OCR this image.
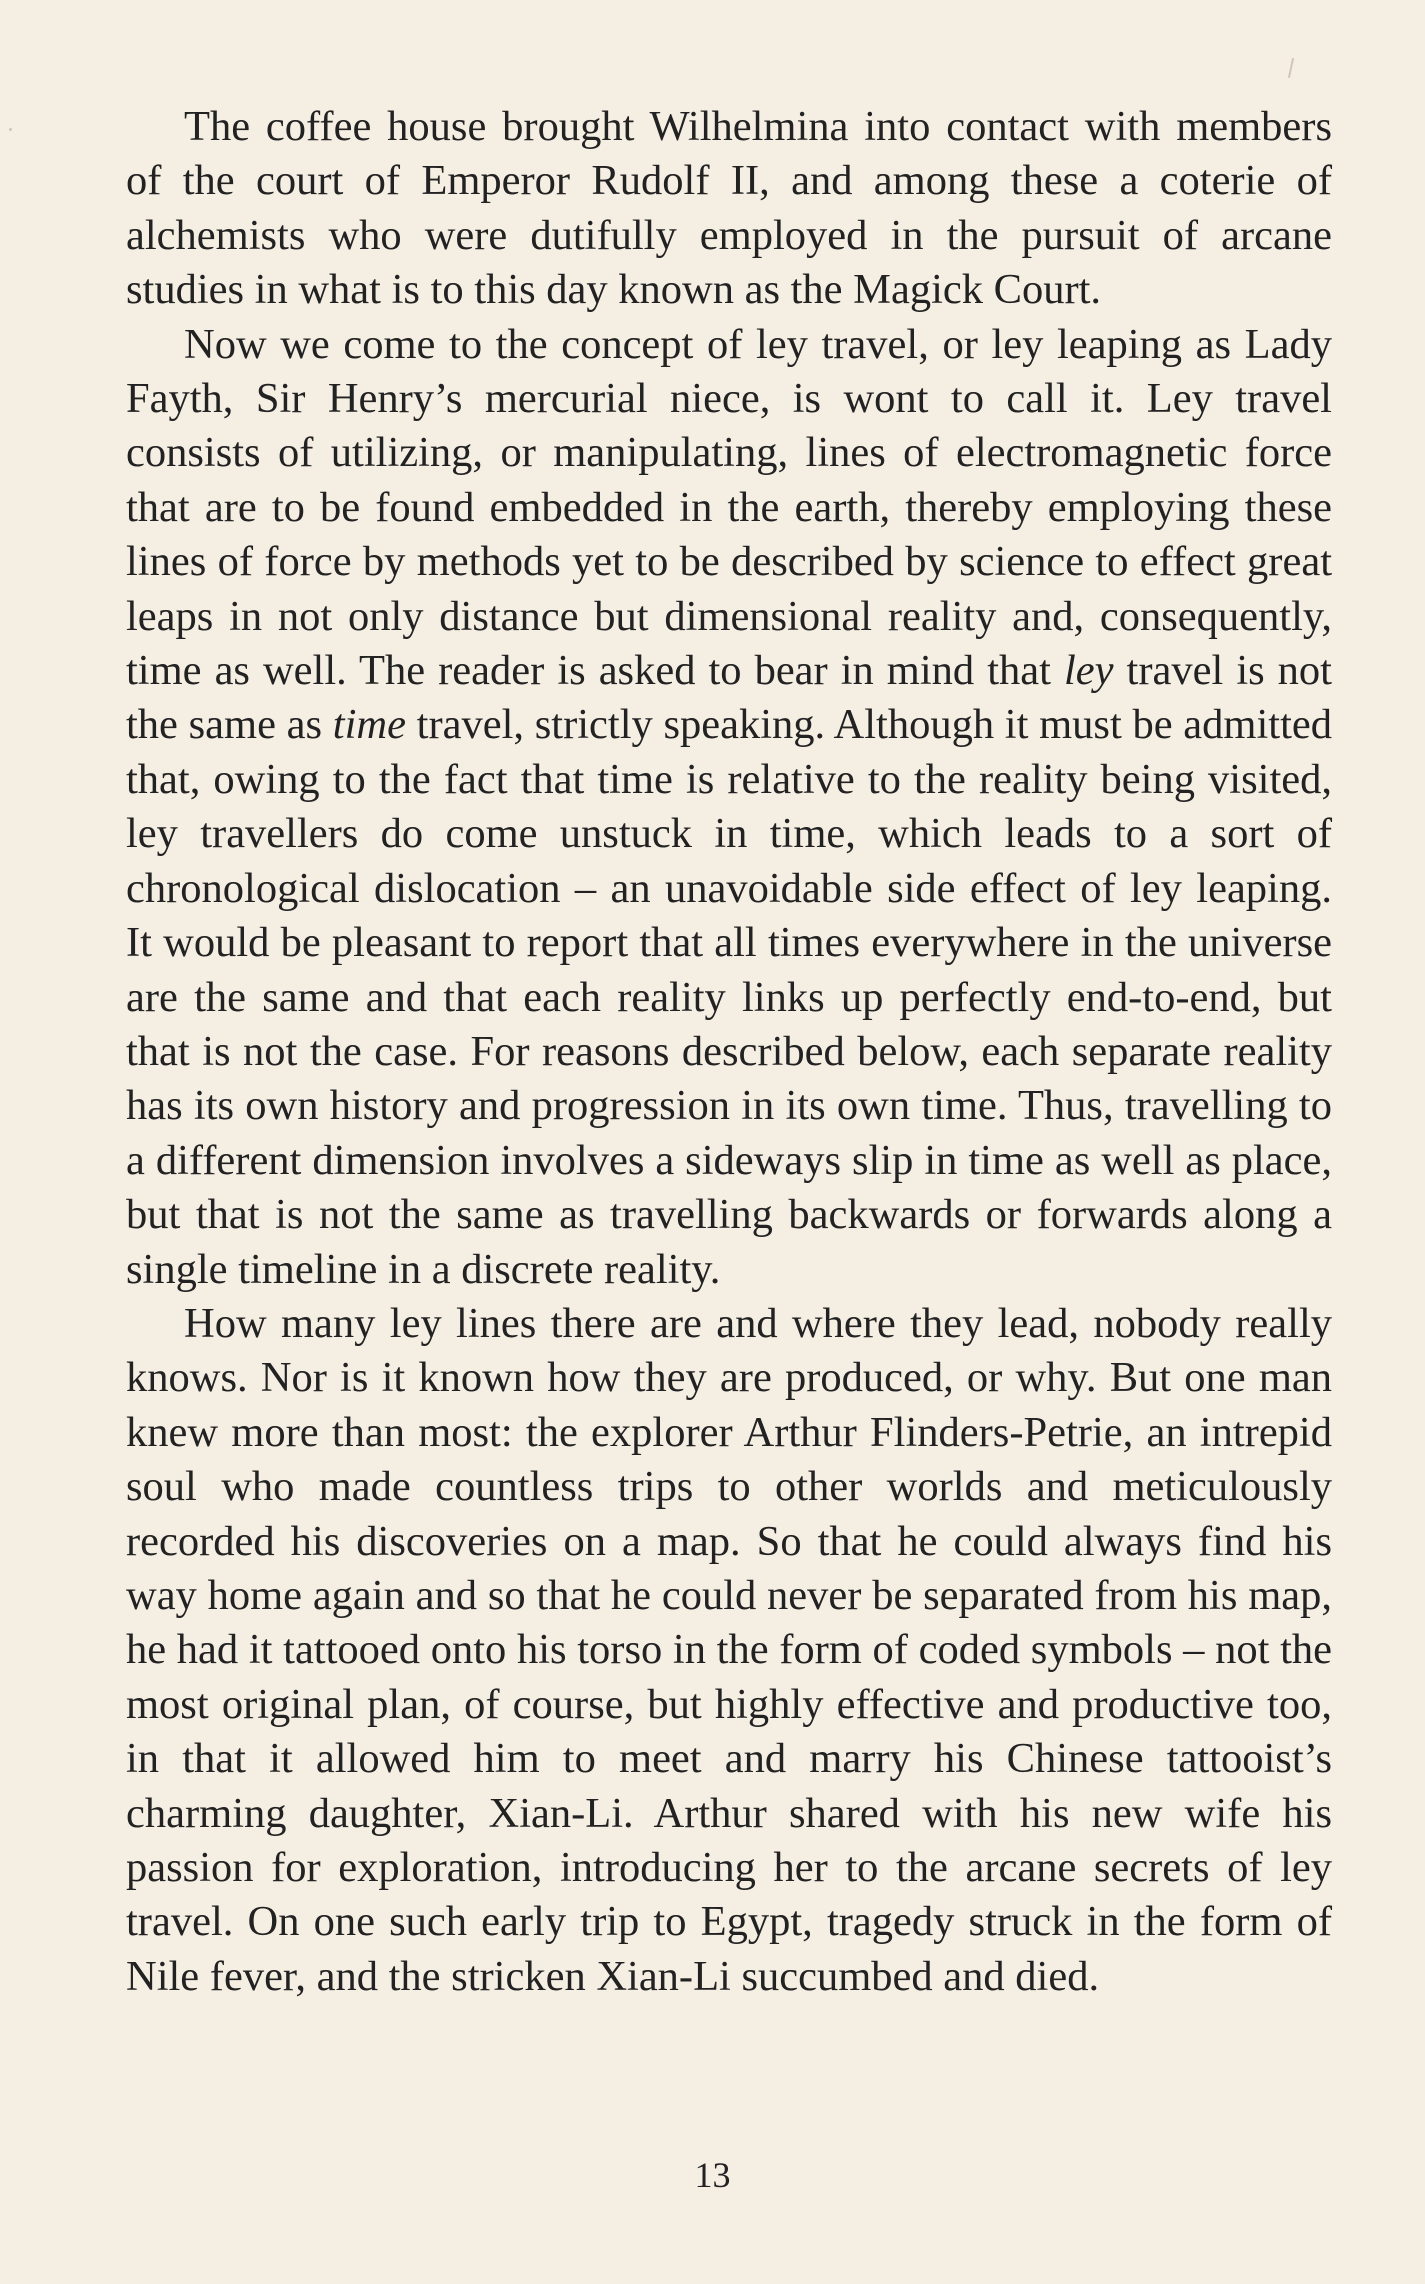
The coffee house brought Wilhelmina into contact with members of the court of Emperor Rudolf II, and among these a coterie of alchemists who were dutifully employed in the pursuit of arcane studies in what is to this day known as the Magick Court.

Now we come to the concept of ley travel, or ley leaping as Lady Fayth, Sir Henry’s mercurial niece, is wont to call it. Ley travel consists of utilizing, or manipulating, lines of electromagnetic force that are to be found embedded in the earth, thereby employing these lines of force by methods yet to be described by science to effect great leaps in not only distance but dimensional reality and, consequently, time as well. The reader is asked to bear in mind that ley travel is not the same as time travel, strictly speaking. Although it must be admitted that, owing to the fact that time is relative to the reality being visited, ley travellers do come unstuck in time, which leads to a sort of chronological dislocation – an unavoidable side effect of ley leaping. It would be pleasant to report that all times everywhere in the universe are the same and that each reality links up perfectly end-to-end, but that is not the case. For reasons described below, each separate reality has its own history and progression in its own time. Thus, travelling to a different dimension involves a sideways slip in time as well as place, but that is not the same as travelling backwards or forwards along a single timeline in a discrete reality.

How many ley lines there are and where they lead, nobody really knows. Nor is it known how they are produced, or why. But one man knew more than most: the explorer Arthur Flinders-Petrie, an intrepid soul who made countless trips to other worlds and meticulously recorded his discoveries on a map. So that he could always find his way home again and so that he could never be separated from his map, he had it tattooed onto his torso in the form of coded symbols – not the most original plan, of course, but highly effective and productive too, in that it allowed him to meet and marry his Chinese tattooist’s charming daughter, Xian-Li. Arthur shared with his new wife his passion for exploration, introducing her to the arcane secrets of ley travel. On one such early trip to Egypt, tragedy struck in the form of Nile fever, and the stricken Xian-Li succumbed and died.

13
